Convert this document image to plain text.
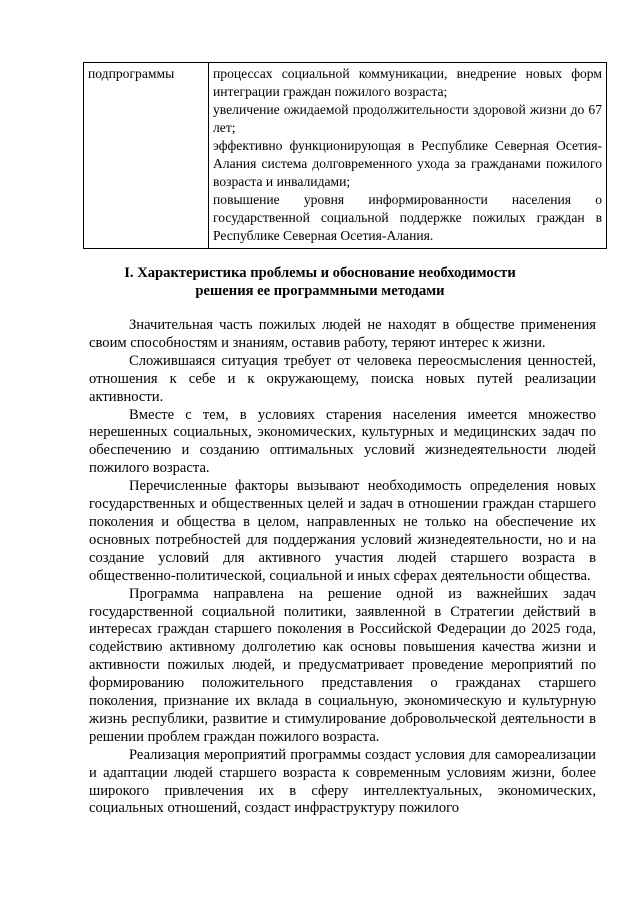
подпрограммы	процессах социальной коммуникации, внедрение новых форм интеграции граждан пожилого возраста;
увеличение ожидаемой продолжительности здоровой жизни до 67 лет;
эффективно функционирующая в Республике Северная Осетия-Алания система долговременного ухода за гражданами пожилого возраста и инвалидами;
повышение уровня информированности населения о государственной социальной поддержке пожилых граждан в Республике Северная Осетия-Алания.
I. Характеристика проблемы и обоснование необходимости
решения ее программными методами

Значительная часть пожилых людей не находят в обществе применения своим способностям и знаниям, оставив работу, теряют интерес к жизни.

Сложившаяся ситуация требует от человека переосмысления ценностей, отношения к себе и к окружающему, поиска новых путей реализации активности.

Вместе с тем, в условиях старения населения имеется множество нерешенных социальных, экономических, культурных и медицинских задач по обеспечению и созданию оптимальных условий жизнедеятельности людей пожилого возраста.

Перечисленные факторы вызывают необходимость определения новых государственных и общественных целей и задач в отношении граждан старшего поколения и общества в целом, направленных не только на обеспечение их основных потребностей для поддержания условий жизнедеятельности, но и на создание условий для активного участия людей старшего возраста в общественно-политической, социальной и иных сферах деятельности общества.

Программа направлена на решение одной из важнейших задач государственной социальной политики, заявленной в Стратегии действий в интересах граждан старшего поколения в Российской Федерации до 2025 года, содействию активному долголетию как основы повышения качества жизни и активности пожилых людей, и предусматривает проведение мероприятий по формированию положительного представления о гражданах старшего поколения, признание их вклада в социальную, экономическую и культурную жизнь республики, развитие и стимулирование добровольческой деятельности в решении проблем граждан пожилого возраста.

Реализация мероприятий программы создаст условия для самореализации и адаптации людей старшего возраста к современным условиям жизни, более широкого привлечения их в сферу интеллектуальных, экономических, социальных отношений, создаст инфраструктуру пожилого
